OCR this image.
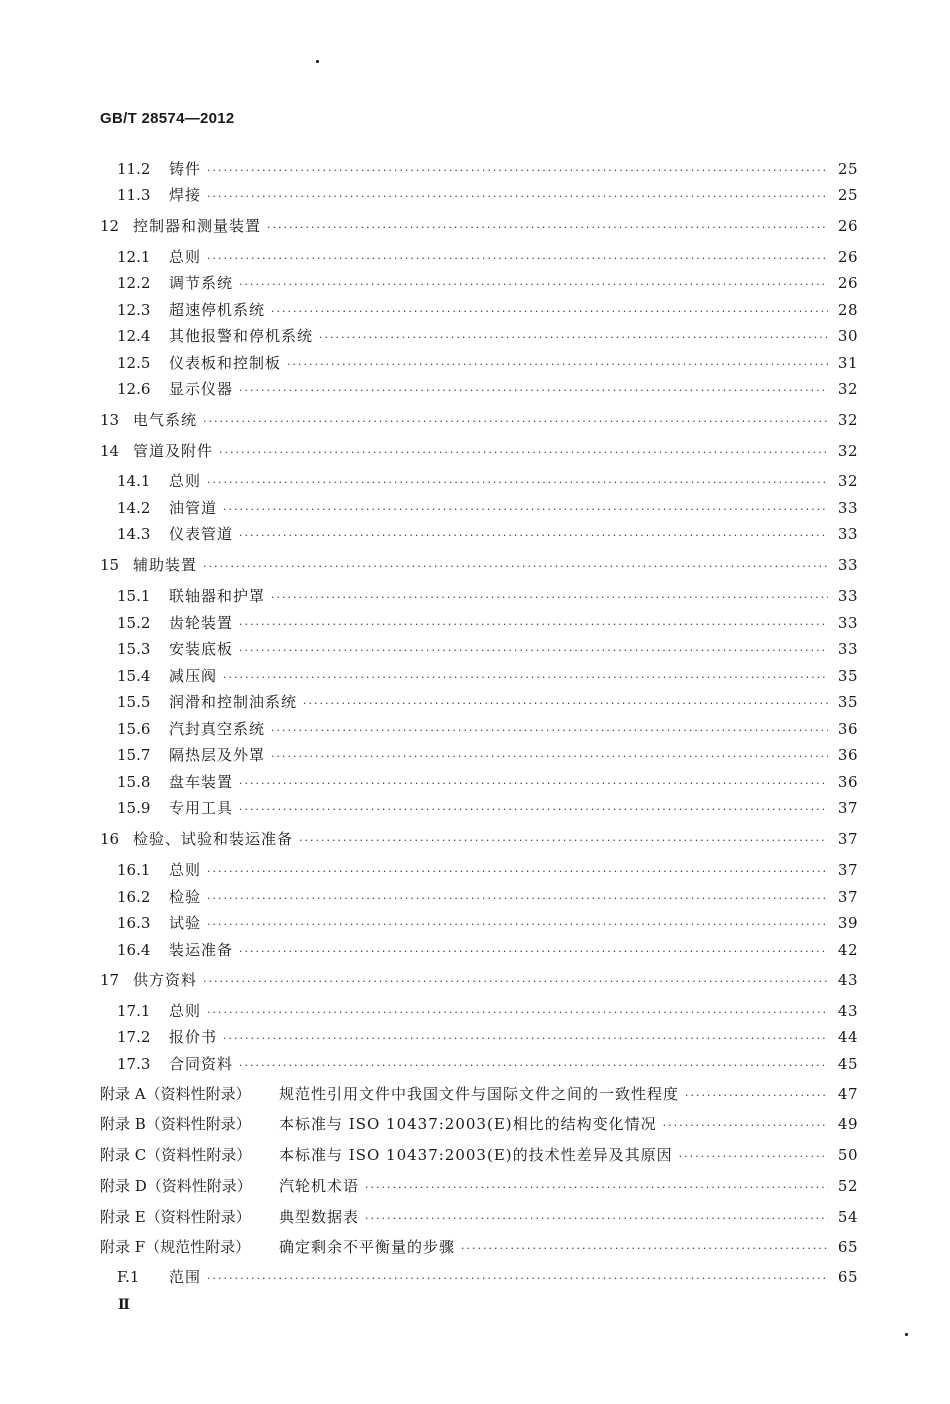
GB/T 28574—2012
11.2 铸件 ·····	25
11.3 焊接 ·····	25
12 控制器和测量装置 ·····	26
12.1 总则 ·····	26
12.2 调节系统 ·····	26
12.3 超速停机系统 ·····	28
12.4 其他报警和停机系统 ·····	30
12.5 仪表板和控制板 ·····	31
12.6 显示仪器 ·····	32
13 电气系统 ·····	32
14 管道及附件 ·····	32
14.1 总则 ·····	32
14.2 油管道 ·····	33
14.3 仪表管道 ·····	33
15 辅助装置 ·····	33
15.1 联轴器和护罩 ·····	33
15.2 齿轮装置 ·····	33
15.3 安装底板 ·····	33
15.4 减压阀 ·····	35
15.5 润滑和控制油系统 ·····	35
15.6 汽封真空系统 ·····	36
15.7 隔热层及外罩 ·····	36
15.8 盘车装置 ·····	36
15.9 专用工具 ·····	37
16 检验、试验和装运准备 ·····	37
16.1 总则 ·····	37
16.2 检验 ·····	37
16.3 试验 ·····	39
16.4 装运准备 ·····	42
17 供方资料 ·····	43
17.1 总则 ·····	43
17.2 报价书 ·····	44
17.3 合同资料 ·····	45
附录 A（资料性附录） 规范性引用文件中我国文件与国际文件之间的一致性程度 ·····	47
附录 B（资料性附录） 本标准与 ISO 10437:2003(E)相比的结构变化情况 ·····	49
附录 C（资料性附录） 本标准与 ISO 10437:2003(E)的技术性差异及其原因 ·····	50
附录 D（资料性附录） 汽轮机术语 ·····	52
附录 E（资料性附录） 典型数据表 ·····	54
附录 F（规范性附录） 确定剩余不平衡量的步骤 ·····	65
F.1 范围 ·····	65
Ⅱ
